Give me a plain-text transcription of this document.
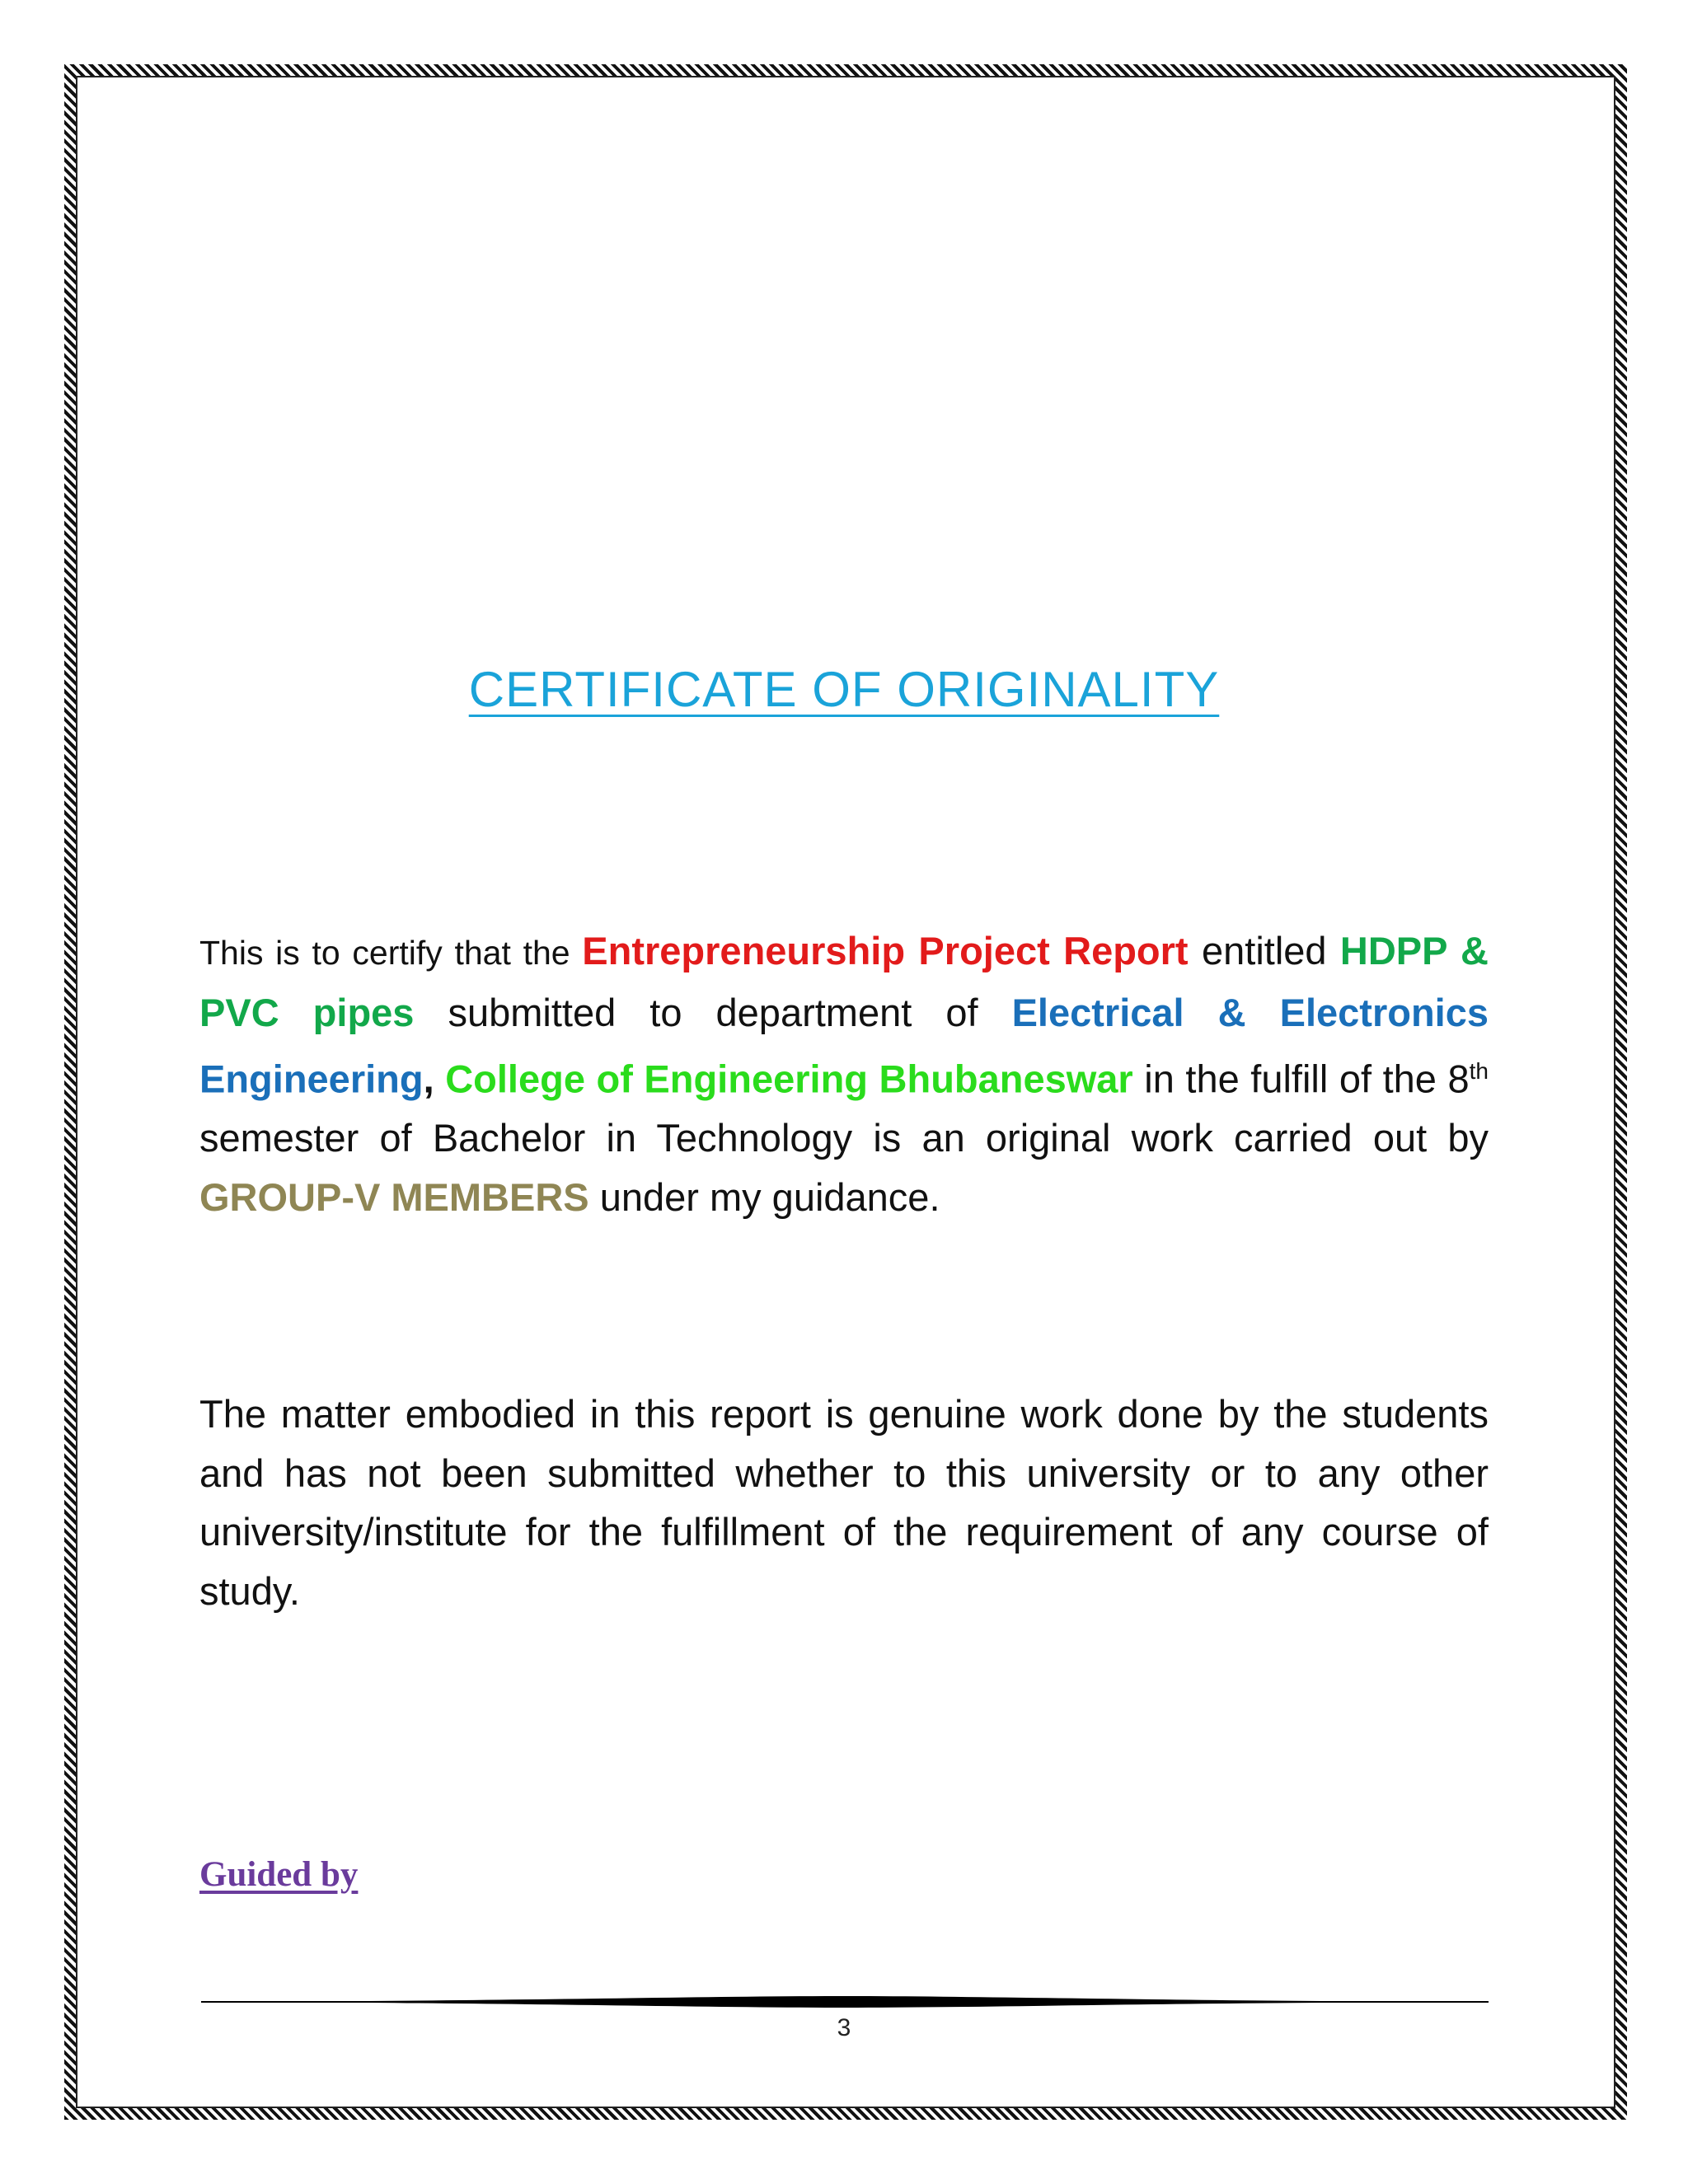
CERTIFICATE OF ORIGINALITY

This is to certify that the Entrepreneurship Project Report entitled HDPP & PVC pipes submitted to department of Electrical & Electronics Engineering, College of Engineering Bhubaneswar in the fulfill of the 8th semester of Bachelor in Technology is an original work carried out by GROUP-V MEMBERS under my guidance.

The matter embodied in this report is genuine work done by the students and has not been submitted whether to this university or to any other university/institute for the fulfillment of the requirement of any course of study.

Guided by
3
